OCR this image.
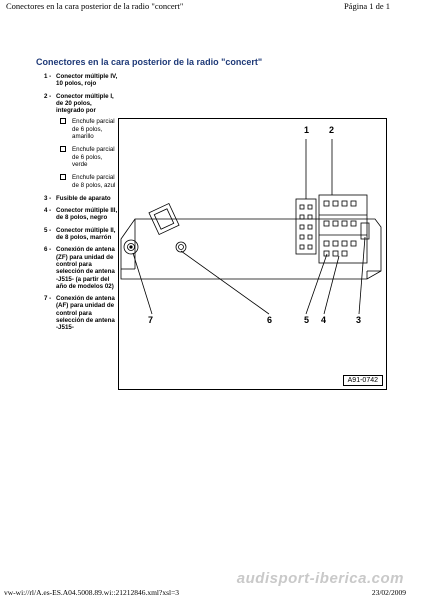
Conectores en la cara posterior de la radio "concert"	Página 1 de 1
Conectores en la cara posterior de la radio "concert"
1 - Conector múltiple IV, 10 polos, rojo
2 - Conector múltiple I, de 20 polos, integrado por
Enchufe parcial de 6 polos, amarillo
Enchufe parcial de 6 polos, verde
Enchufe parcial de 8 polos, azul
3 - Fusible de aparato
4 - Conector múltiple III, de 8 polos, negro
5 - Conector múltiple II, de 8 polos, marrón
6 - Conexión de antena (ZF) para unidad de control para selección de antena -J515- (a partir del año de modelos 02)
7 - Conexión de antena (AF) para unidad de control para selección de antena -J515-
1 2
7	6	5 4	3
A91-0742
audisport-iberica.com
vw-wi://rl/A.es-ES.A04.5008.89.wi::21212846.xml?xsl=3	23/02/2009
